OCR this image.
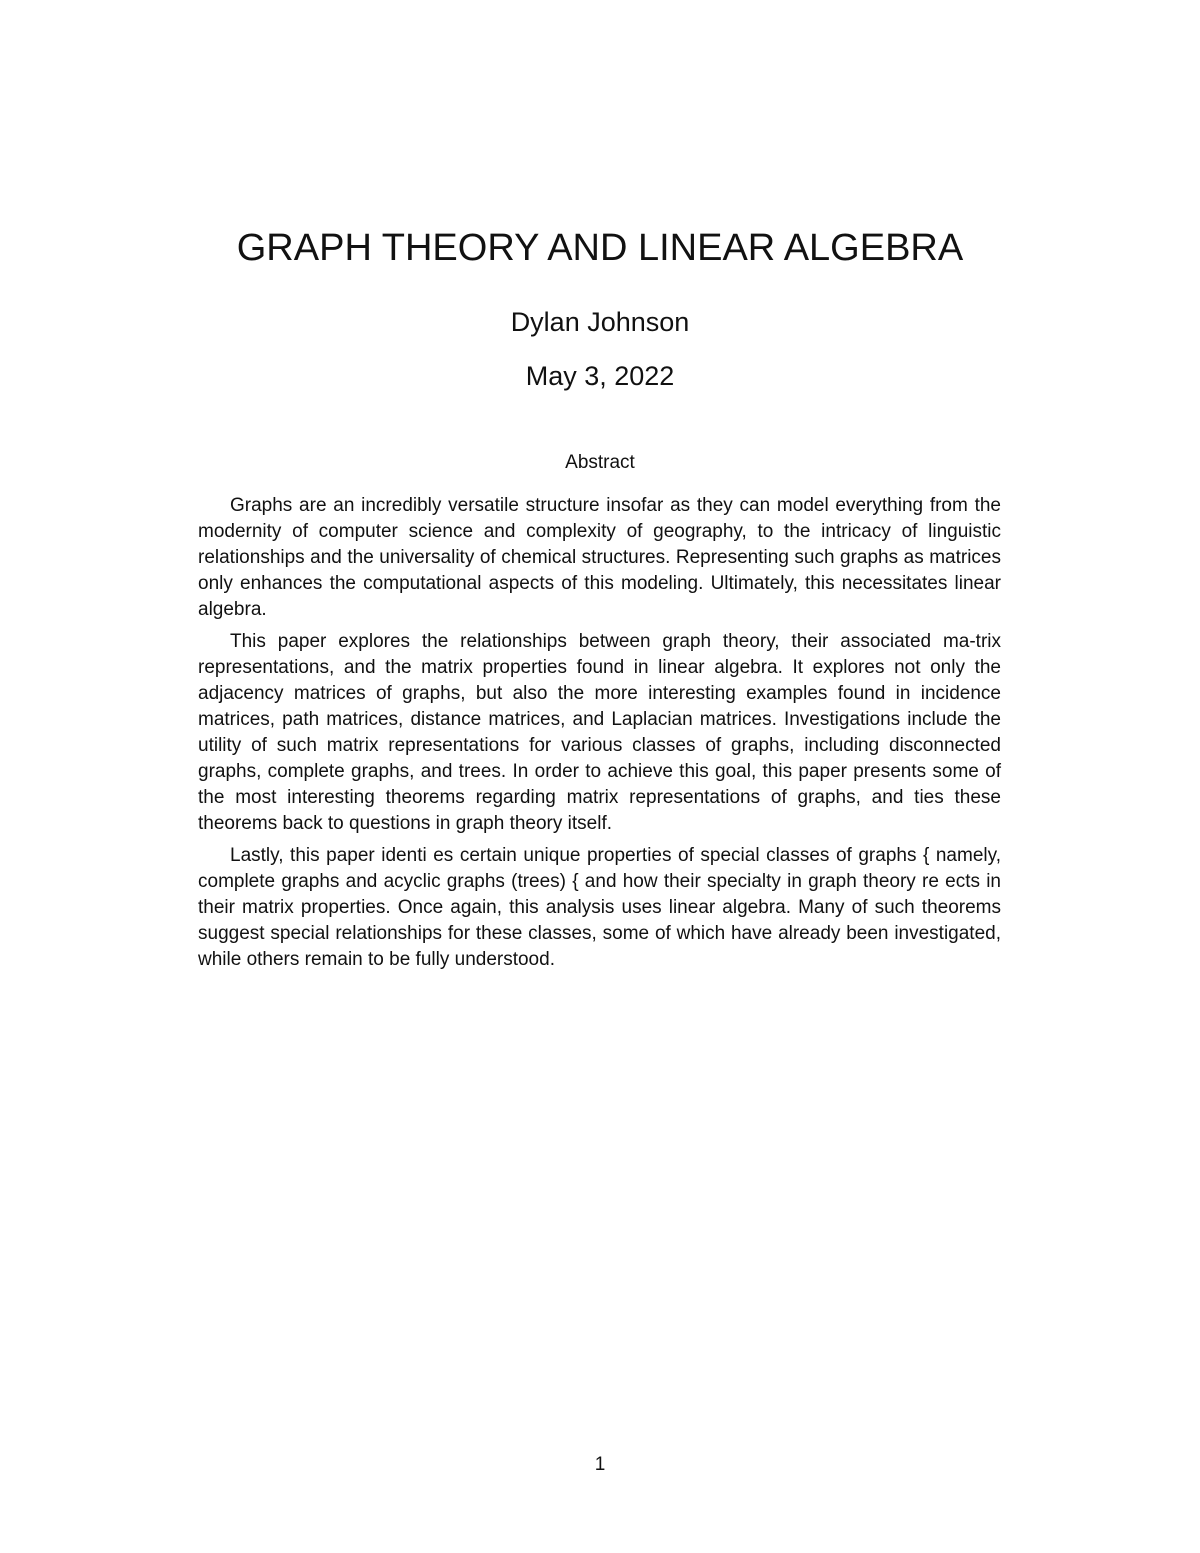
GRAPH THEORY AND LINEAR ALGEBRA
Dylan Johnson
May 3, 2022
Abstract

Graphs are an incredibly versatile structure insofar as they can model everything from the modernity of computer science and complexity of geography, to the intricacy of linguistic relationships and the universality of chemical structures. Representing such graphs as matrices only enhances the computational aspects of this modeling. Ultimately, this necessitates linear algebra.

This paper explores the relationships between graph theory, their associated ma-trix representations, and the matrix properties found in linear algebra. It explores not only the adjacency matrices of graphs, but also the more interesting examples found in incidence matrices, path matrices, distance matrices, and Laplacian matrices. Investigations include the utility of such matrix representations for various classes of graphs, including disconnected graphs, complete graphs, and trees. In order to achieve this goal, this paper presents some of the most interesting theorems regarding matrix representations of graphs, and ties these theorems back to questions in graph theory itself.

Lastly, this paper identi es certain unique properties of special classes of graphs { namely, complete graphs and acyclic graphs (trees) { and how their specialty in graph theory re ects in their matrix properties. Once again, this analysis uses linear algebra. Many of such theorems suggest special relationships for these classes, some of which have already been investigated, while others remain to be fully understood.

1
